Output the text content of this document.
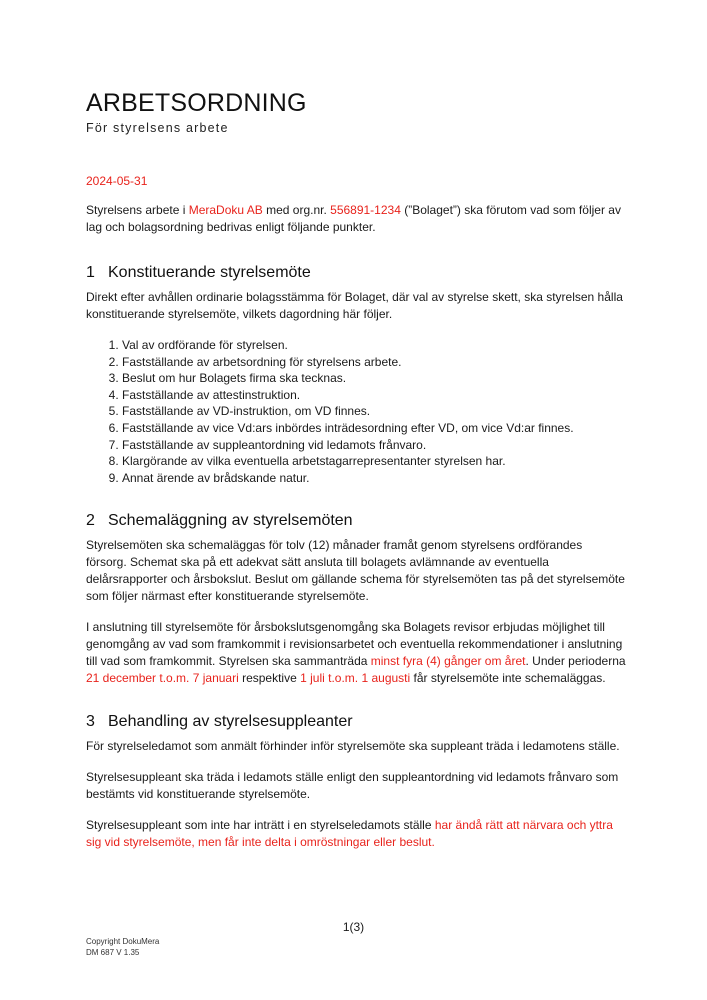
ARBETSORDNING
För styrelsens arbete
2024-05-31

Styrelsens arbete i MeraDoku AB med org.nr. 556891-1234 (”Bolaget”) ska förutom vad som följer av lag och bolagsordning bedrivas enligt följande punkter.

1 Konstituerande styrelsemöte

Direkt efter avhållen ordinarie bolagsstämma för Bolaget, där val av styrelse skett, ska styrelsen hålla konstituerande styrelsemöte, vilkets dagordning här följer.

1. Val av ordförande för styrelsen.
2. Fastställande av arbetsordning för styrelsens arbete.
3. Beslut om hur Bolagets firma ska tecknas.
4. Fastställande av attestinstruktion.
5. Fastställande av VD-instruktion, om VD finnes.
6. Fastställande av vice Vd:ars inbördes inträdesordning efter VD, om vice Vd:ar finnes.
7. Fastställande av suppleantordning vid ledamots frånvaro.
8. Klargörande av vilka eventuella arbetstagarrepresentanter styrelsen har.
9. Annat ärende av brådskande natur.
2 Schemaläggning av styrelsemöten

Styrelsemöten ska schemaläggas för tolv (12) månader framåt genom styrelsens ordförandes försorg. Schemat ska på ett adekvat sätt ansluta till bolagets avlämnande av eventuella delårsrapporter och årsbokslut. Beslut om gällande schema för styrelsemöten tas på det styrelsemöte som följer närmast efter konstituerande styrelsemöte.

I anslutning till styrelsemöte för årsbokslutsgenomgång ska Bolagets revisor erbjudas möjlighet till genomgång av vad som framkommit i revisionsarbetet och eventuella rekommendationer i anslutning till vad som framkommit. Styrelsen ska sammanträda minst fyra (4) gånger om året. Under perioderna 21 december t.o.m. 7 januari respektive 1 juli t.o.m. 1 augusti får styrelsemöte inte schemaläggas.

3 Behandling av styrelsesuppleanter

För styrelseledamot som anmält förhinder inför styrelsemöte ska suppleant träda i ledamotens ställe.

Styrelsesuppleant ska träda i ledamots ställe enligt den suppleantordning vid ledamots frånvaro som bestämts vid konstituerande styrelsemöte.

Styrelsesuppleant som inte har inträtt i en styrelseledamots ställe har ändå rätt att närvara och yttra sig vid styrelsemöte, men får inte delta i omröstningar eller beslut.

1(3)
Copyright DokuMera
DM 687 V 1.35
